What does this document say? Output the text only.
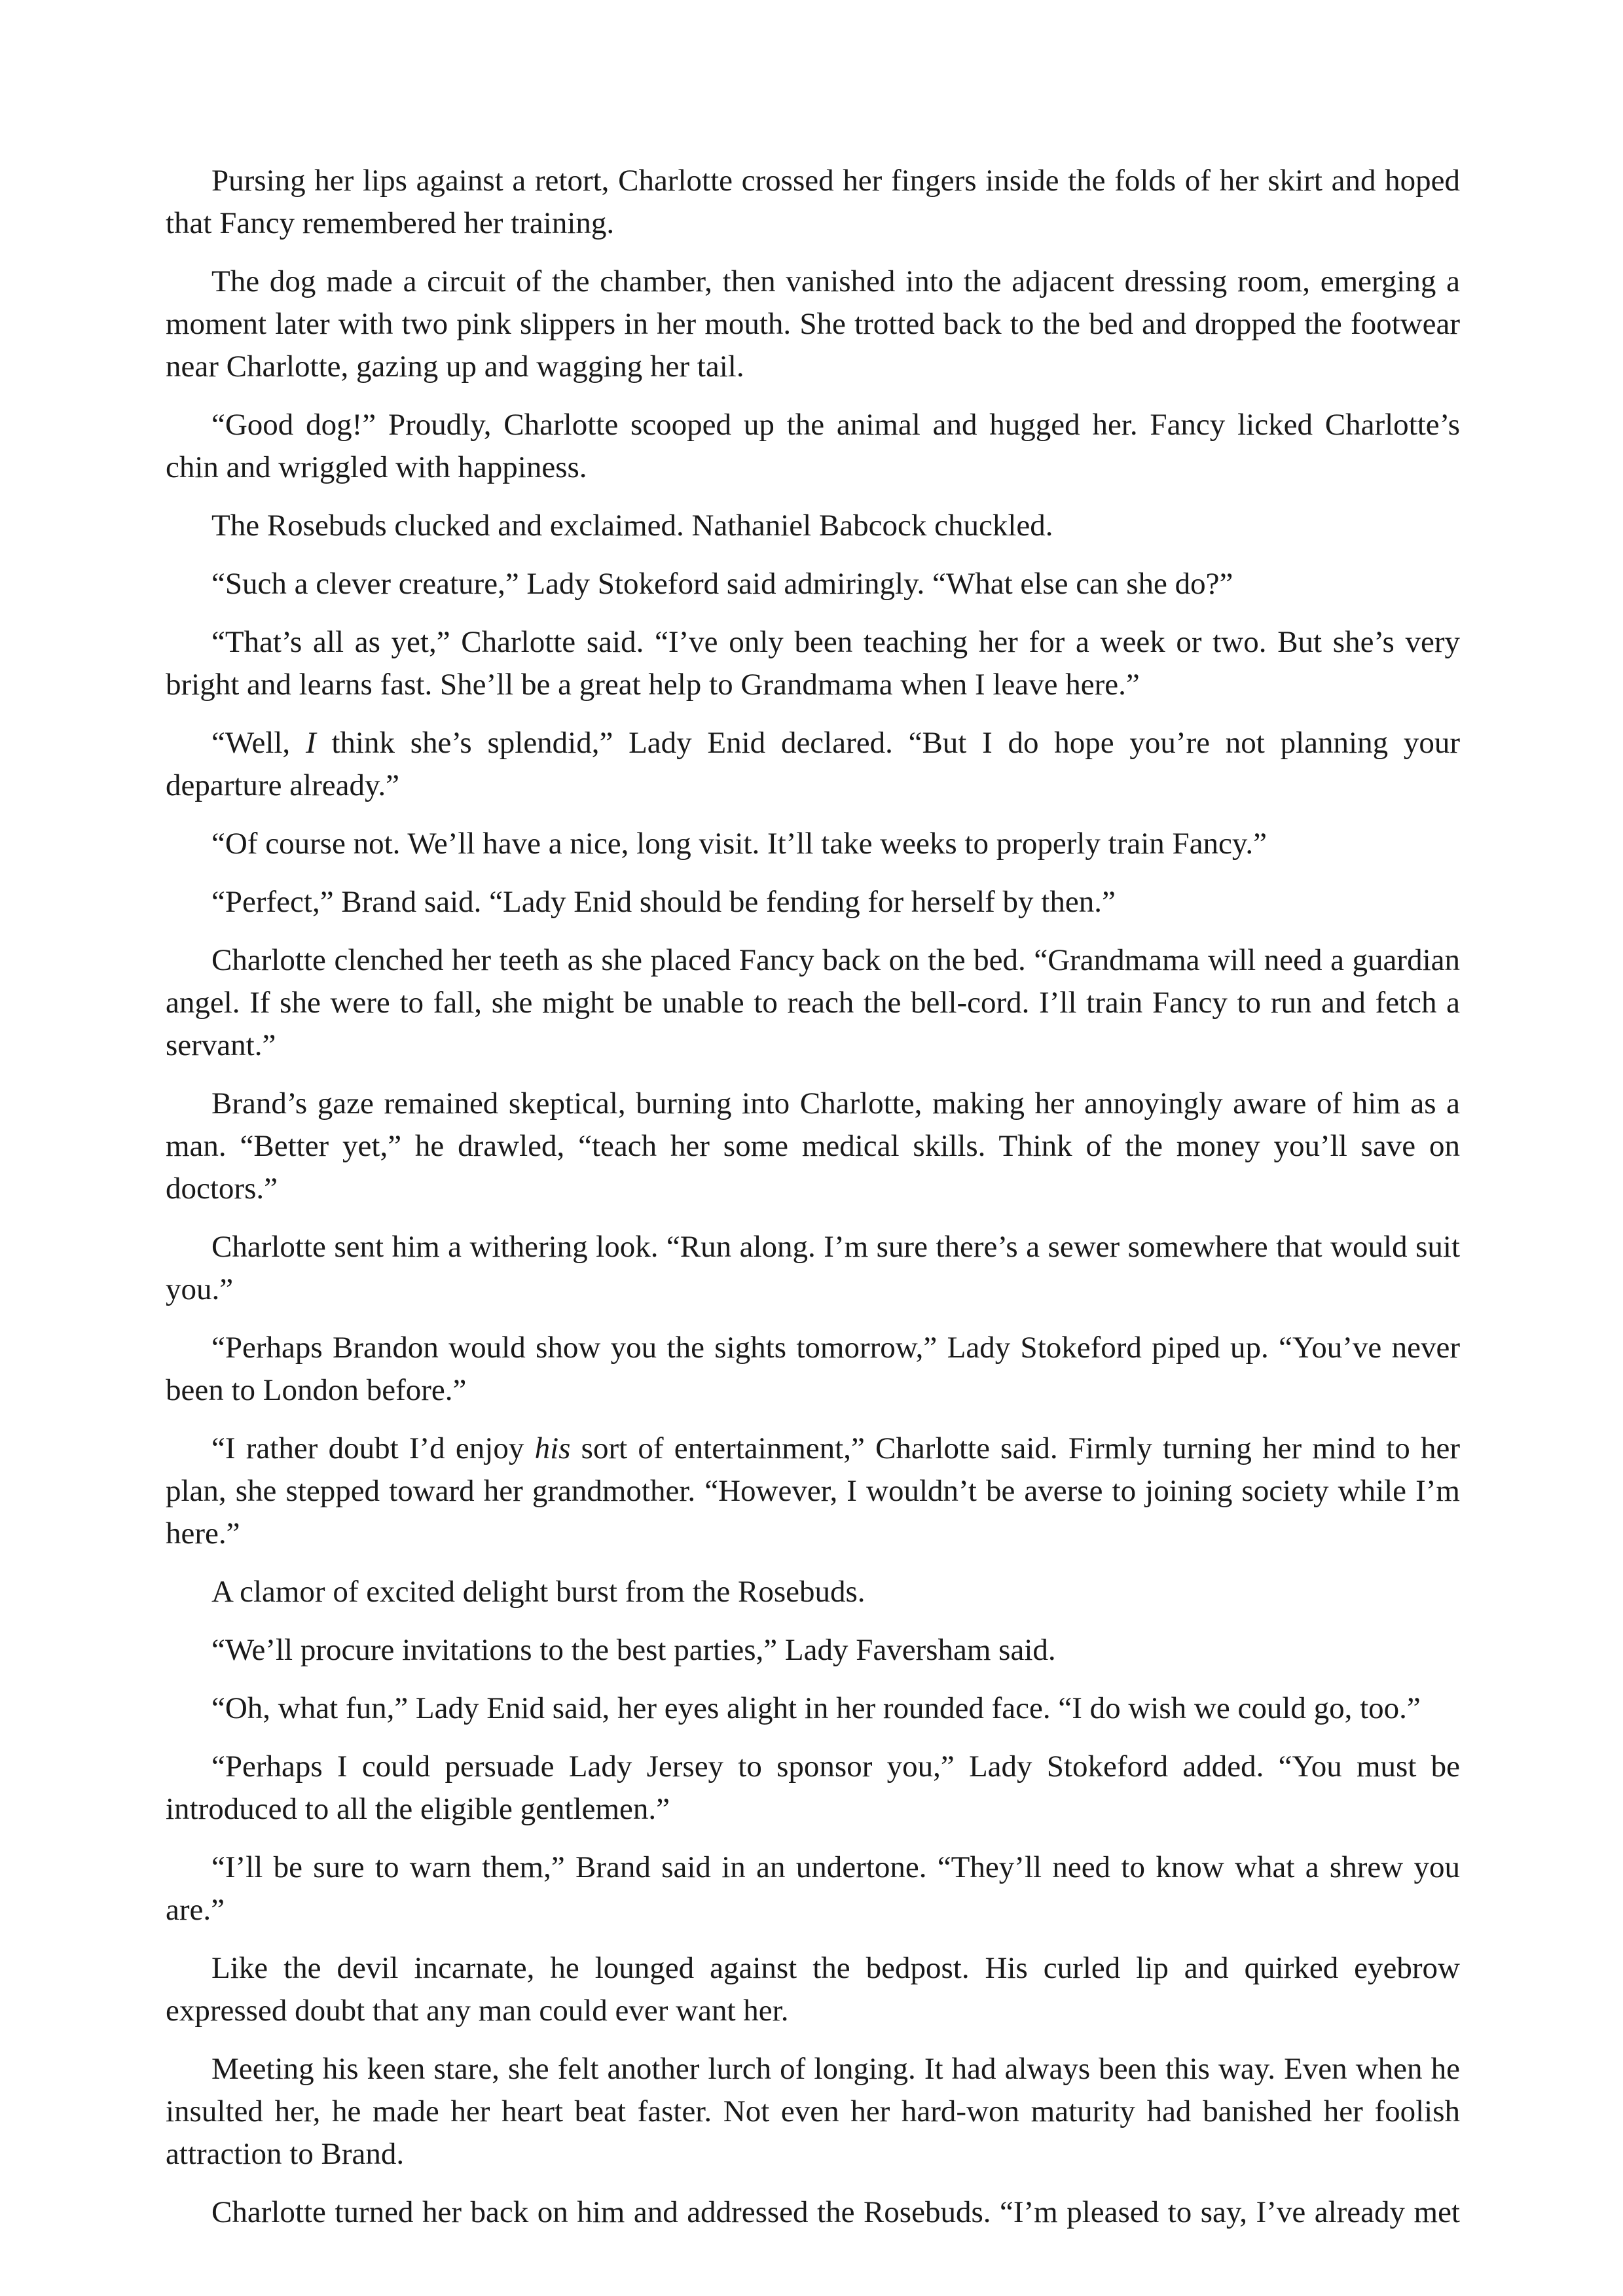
Pursing her lips against a retort, Charlotte crossed her fingers inside the folds of her skirt and hoped that Fancy remembered her training.

The dog made a circuit of the chamber, then vanished into the adjacent dressing room, emerging a moment later with two pink slippers in her mouth. She trotted back to the bed and dropped the footwear near Charlotte, gazing up and wagging her tail.

“Good dog!” Proudly, Charlotte scooped up the animal and hugged her. Fancy licked Charlotte’s chin and wriggled with happiness.

The Rosebuds clucked and exclaimed. Nathaniel Babcock chuckled.

“Such a clever creature,” Lady Stokeford said admiringly. “What else can she do?”

“That’s all as yet,” Charlotte said. “I’ve only been teaching her for a week or two. But she’s very bright and learns fast. She’ll be a great help to Grandmama when I leave here.”

“Well, I think she’s splendid,” Lady Enid declared. “But I do hope you’re not planning your departure already.”

“Of course not. We’ll have a nice, long visit. It’ll take weeks to properly train Fancy.”

“Perfect,” Brand said. “Lady Enid should be fending for herself by then.”

Charlotte clenched her teeth as she placed Fancy back on the bed. “Grandmama will need a guardian angel. If she were to fall, she might be unable to reach the bell-cord. I’ll train Fancy to run and fetch a servant.”

Brand’s gaze remained skeptical, burning into Charlotte, making her annoyingly aware of him as a man. “Better yet,” he drawled, “teach her some medical skills. Think of the money you’ll save on doctors.”

Charlotte sent him a withering look. “Run along. I’m sure there’s a sewer somewhere that would suit you.”

“Perhaps Brandon would show you the sights tomorrow,” Lady Stokeford piped up. “You’ve never been to London before.”

“I rather doubt I’d enjoy his sort of entertainment,” Charlotte said. Firmly turning her mind to her plan, she stepped toward her grandmother. “However, I wouldn’t be averse to joining society while I’m here.”

A clamor of excited delight burst from the Rosebuds.

“We’ll procure invitations to the best parties,” Lady Faversham said.

“Oh, what fun,” Lady Enid said, her eyes alight in her rounded face. “I do wish we could go, too.”

“Perhaps I could persuade Lady Jersey to sponsor you,” Lady Stokeford added. “You must be introduced to all the eligible gentlemen.”

“I’ll be sure to warn them,” Brand said in an undertone. “They’ll need to know what a shrew you are.”

Like the devil incarnate, he lounged against the bedpost. His curled lip and quirked eyebrow expressed doubt that any man could ever want her.

Meeting his keen stare, she felt another lurch of longing. It had always been this way. Even when he insulted her, he made her heart beat faster. Not even her hard-won maturity had banished her foolish attraction to Brand.

Charlotte turned her back on him and addressed the Rosebuds. “I’m pleased to say, I’ve already met
